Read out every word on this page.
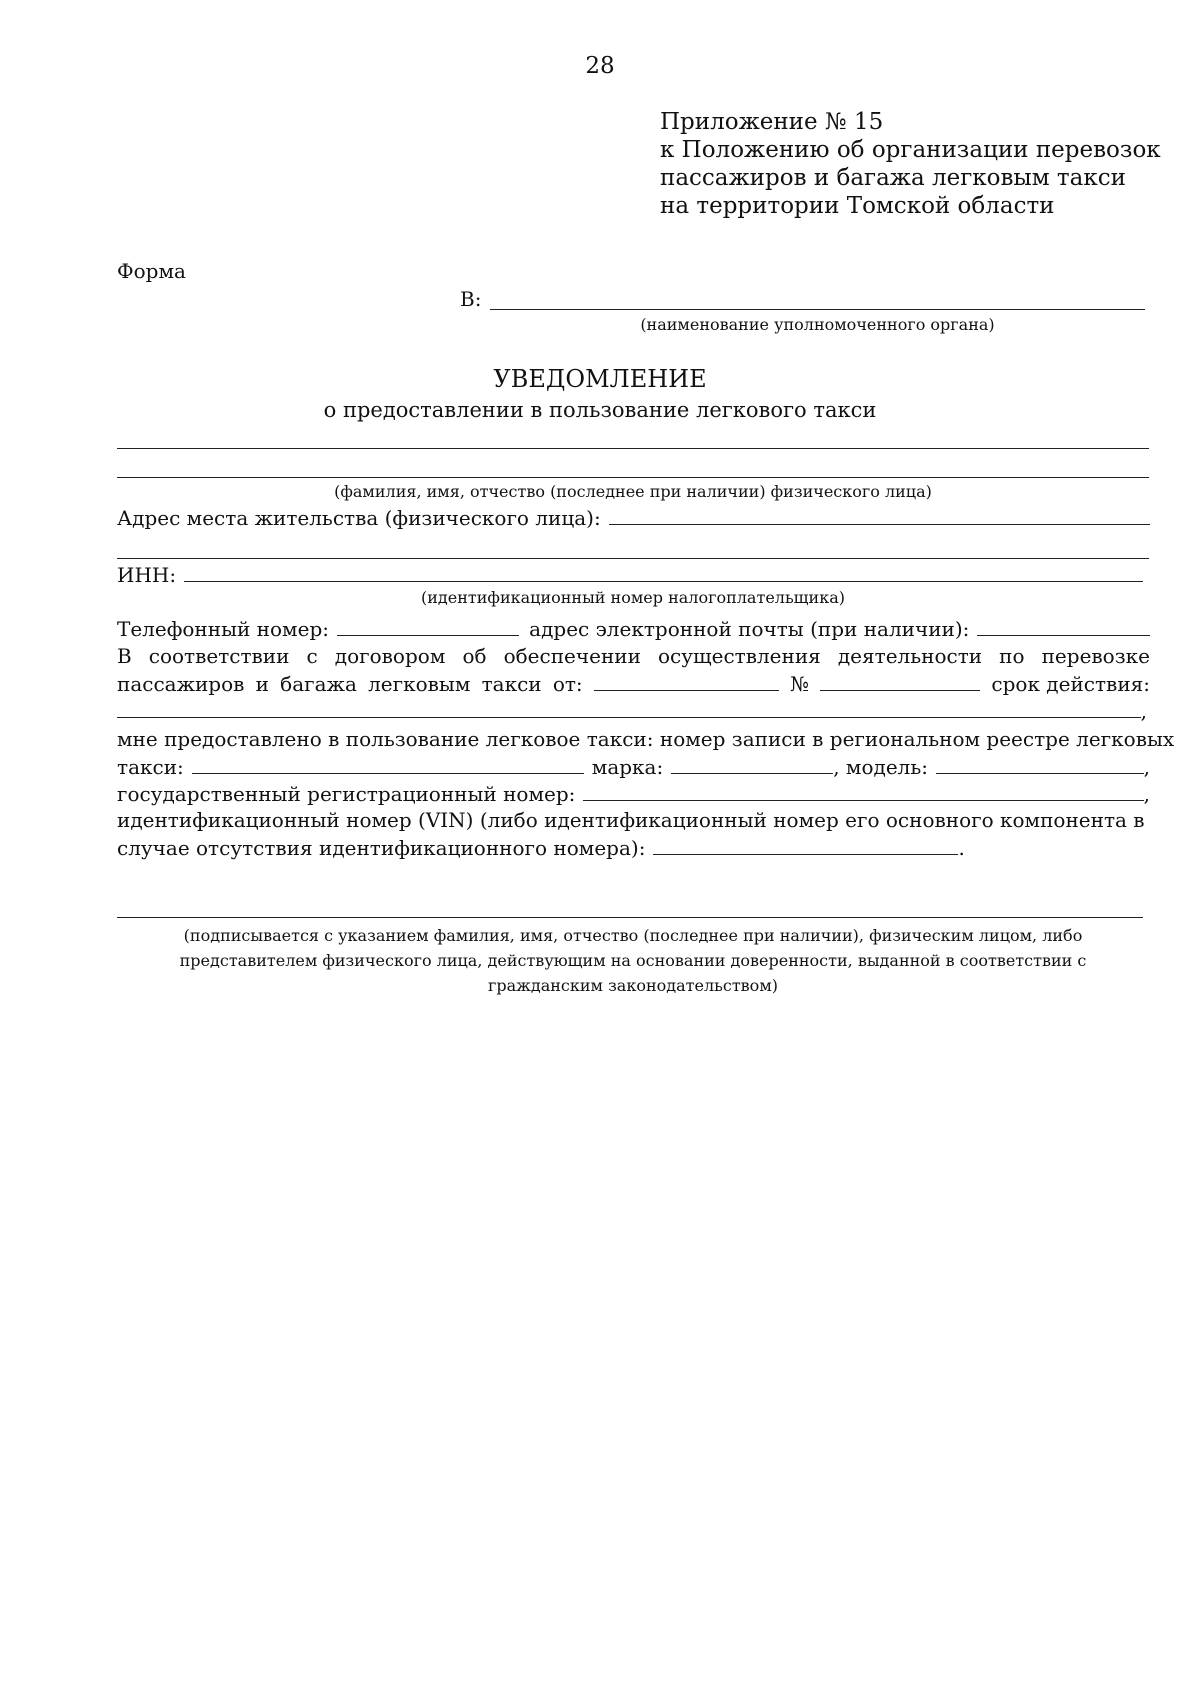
28
Приложение № 15
к Положению об организации перевозок
пассажиров и багажа легковым такси
на территории Томской области
Форма
В:
(наименование уполномоченного органа)
УВЕДОМЛЕНИЕ
о предоставлении в пользование легкового такси
(фамилия, имя, отчество (последнее при наличии) физического лица)
Адрес места жительства (физического лица):
ИНН:
(идентификационный номер налогоплательщика)
Телефонный номер:	адрес электронной почты (при наличии):
В соответствии с договором об обеспечении осуществления деятельности по перевозке
пассажиров и багажа легковым такси от:	№	срок действия:
,
мне предоставлено в пользование легковое такси: номер записи в региональном реестре легковых
такси:	марка:	, модель:	,
государственный регистрационный номер:	,
идентификационный номер (VIN) (либо идентификационный номер его основного компонента в
случае отсутствия идентификационного номера):	.
(подписывается с указанием фамилия, имя, отчество (последнее при наличии), физическим лицом, либо
представителем физического лица, действующим на основании доверенности, выданной в соответствии с
гражданским законодательством)
